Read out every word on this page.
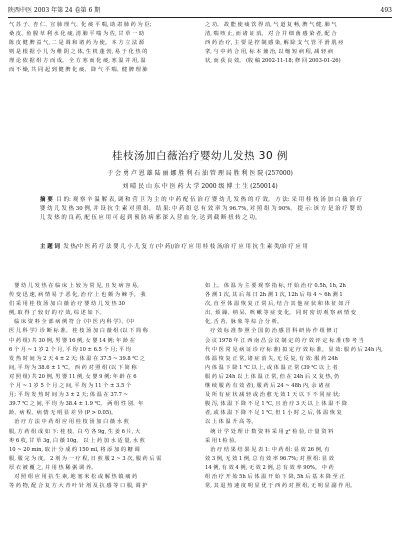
陕西中医 2003 年第 24 卷第 6 期	493

气 苏 子、杏 仁、宣 肺 理 气、化 痰 平 喘, 助 肃 肺 药 为 臣;

桑 皮、鱼 腥 草 利 水 化 痰, 清 肺 平 喘 为 佐, 甘 草 一 助

陈 皮 健 脾 益 气, 二 是 调 和 诸 药 为 使。 本 方 立 法 源

则 是 根 据 小 儿 为 稚 阴 之 体, 生 机 蓬 勃, 易 于 化 热 的

理 论 依 据 组 方 而 成。 全 方 寒 而 化 痰, 寒 温 并 用, 温

而 不 燥, 共 同 起 到 健 脾 化 痰、 降 气 平 喘、健 脾 理 肺

之 功。 故 能 使 痰 饮 得 消, 气 道 复 畅, 脾 气 健, 肺 气

清, 喘 咳 止, 而 诸 证 消。 对 合 并 细 菌 感 染 者, 配 合

西 药 治 疗, 主 要 是 控 制 感 染, 解 除 支 气 管 平 滑 肌 痉

挛, 与 中 药 合 用, 标 本 兼 治, 以 缩 短 病 程, 减 轻 病

状, 而 获 良 效。 (收 稿 2002-11-18; 修 回 2003-01-26)

桂枝汤加白薇治疗婴幼儿发热 30 例
于 会 勇 卢 恩 雄 陆 丽 娜 胜 利 石 油 管 理 局 胜 利 医 院 (257000)
刘 晴 民 山 东 中 医 药 大 学 2000 级 博 士 生 (250014)
摘 要 目 的: 观 察 辛 温 解 表, 调 和 营 卫 为 主 的 中 药 配 伍 治 疗 婴 幼 儿 发 热 的 疗 效。 方 法: 采 用 桂 枝 汤 加 白 薇 治 疗 婴 幼 儿 发 热 30 例, 并 设 抗 生 素 对 照 组。 结 果: 中 药 组 总 有 效 率 为 96.7%, 对 照 组 为 90%。 提 示: 该 方 是 治 疗 婴 幼 儿 发 热 的 良 药, 配 伍 应 用 可 起 到 预 防 病 邪 深 入 营 血 分, 达 到 截 断 扭 转 之 功。
主 题 词 发 热/中 医 药 疗 法 婴 儿 小 儿 复 方 (中 药)/治 疗 应 用 桂 枝 汤/治 疗 应 用 抗 生 素 类/治 疗 应 用

婴 幼 儿 发 热 在 临 床 上 较 为 常 见, 且 发 病 容 易,

传 变 迅 速, 病 情 易 于 恶 化, 治 疗 上 也 颇 为 棘 手。 我

们 采 用 桂 枝 汤 加 白 薇 治 疗 婴 幼 儿 发 热 30

例, 取 得 了 较 好 的 疗 效, 综 述 如 下。

临 床 资 料 全 部 病 例 符 合《中 医 内 科 学》、《中

医 儿 科 学》诊 断 标 准。 桂 枝 汤 加 白 薇 组 (以 下 简 称

中 药 组) 共 30 例, 男 婴 16 例, 女 婴 14 例; 年 龄 在

6 个 月 ~ 1 岁 2 个 月, 平 均 10 ± 6.5 个 月; 平 均

发 热 时 间 为 2 天 4 ± 2 天; 体 温 在 37.5 ~ 39.8 ℃ 之

间, 平 均 为 38.6 ± 1 ℃。 西 药 对 照 组 (以 下 简 称

对 照 组) 共 20 例, 男 婴 11 例, 女 婴 9 例; 年 龄 在 6

个 月 ~ 1 岁 5 个 月 之 间, 平 均 为 11 个 ± 3.5 个

月; 平 均 发 热 时 间 为 3 ± 2 天; 体 温 在 37.7 ~

39.7 ℃ 之 间, 平 均 为 38.4 ± 1.9 ℃。 两 组 性 别、年

龄、病 程、病 情 无 明 显 差 异 (P > 0.05)。

治 疗 方 法 中 药 组 应 用 桂 枝 汤 加 白 薇 水 煎

服, 方 药 组 成 如 下: 桂 枝、白 芍 各 9g, 生 姜 6 片, 大

枣 6 枚, 甘 草 3g, 白 薇 10g。 以 上 药 加 水 适 量, 水 煎

10 ~ 20 min, 取 汁 分 成 约 150 ml, 将 添 加 的 糖 调

服, 服 完 为 度。 2 剂 为 一 疗 程, 日 煎 服 2 ~ 3 次, 服 药 后 需

厚 衣 被 覆 之, 并 用 热 稀 粥 调 养。

对 照 组 应 用 抗 生 素, 地 塞 米 松 或 解 热 镇 痛 药

等 药 物, 配 合 复 方 大 青 叶 针 剂 及 抗 感 等 口 服, 调 护

如 上。 体 温 为 主 要 观 察 指 标, 开 始 治 疗 0.5h, 1h, 2h

各 测 1 次, 其 后 每 日 2h 测 1 次, 12h 后 每 4 ~ 6h 测 1

次, 直 至 体 温 恢 复 正 常 后, 结 合 其 他 症 状 和 体 征 如 汗

出、烦 躁、纳 呆、咳 嗽 等 症 变 化。 同 时 密 切 观 察 病 情 变

化, 舌 苔、脉 象 等 综 合 分 析。

疗 效 标 准 参 照 全 国 防 治 感 冒 科 研 协 作 组 修 订

会 议 1978 年 江 西 南 昌 会 议 制 定 的 疗 效 评 定 标 准 (参 考 当

代 中 医 常 见 病 证 诊 疗 标 准) 拟 定 疗 效 标 准。 显 效: 服 药 后 24h 内,

体 温 恢 复 正 常, 诸 症 消 失, 无 反 复, 有 效: 服 药 24h

内 体 温 下 降 1 ℃ 以 上, 或 体 温 正 常 (39 ℃ 以 上 者

服 药 后 24h 以 上 体 温 正 常, 但 在 24h 后 又 复 热, 仍

继 续 服 药 有 效 者), 服 药 后 24 ~ 48h 内, 余 诸 症

及 所 有 症 状 减 轻 或 治 愈 无 效 1 天 以 下 不 同 症 状;

腹 泻, 体 温 下 降 不 足 1 ℃, 且 治 疗 3 天 以 上 体 温 不 降

者, 或 体 温 下 降 不 足 1 ℃, 但 1 小 时 之 后, 体 温 恢 复

以 上 体 温 升 高 等。

统 计 学 处 理 计 数 资 料 采 用 χ² 检 验, 计 量 资 料

采 用 t 检 验。

治 疗 结 果 结 果 见 表 1: 中 药 组: 显 效 26 例, 有

效 3 例, 无 效 1 例, 总 有 效 率 96.7%; 对 照 组: 显 效

14 例, 有 效 4 例, 无 效 2 例, 总 有 效 率 90%。 中 药

组 治 疗 开 始 5h 后 体 温 开 始 下 降, 5h 后 基 本 降 至 正

常, 其 退 热 速 度 明 显 优 于 西 药 对 照 组, 无 明 显 副 作 用。
